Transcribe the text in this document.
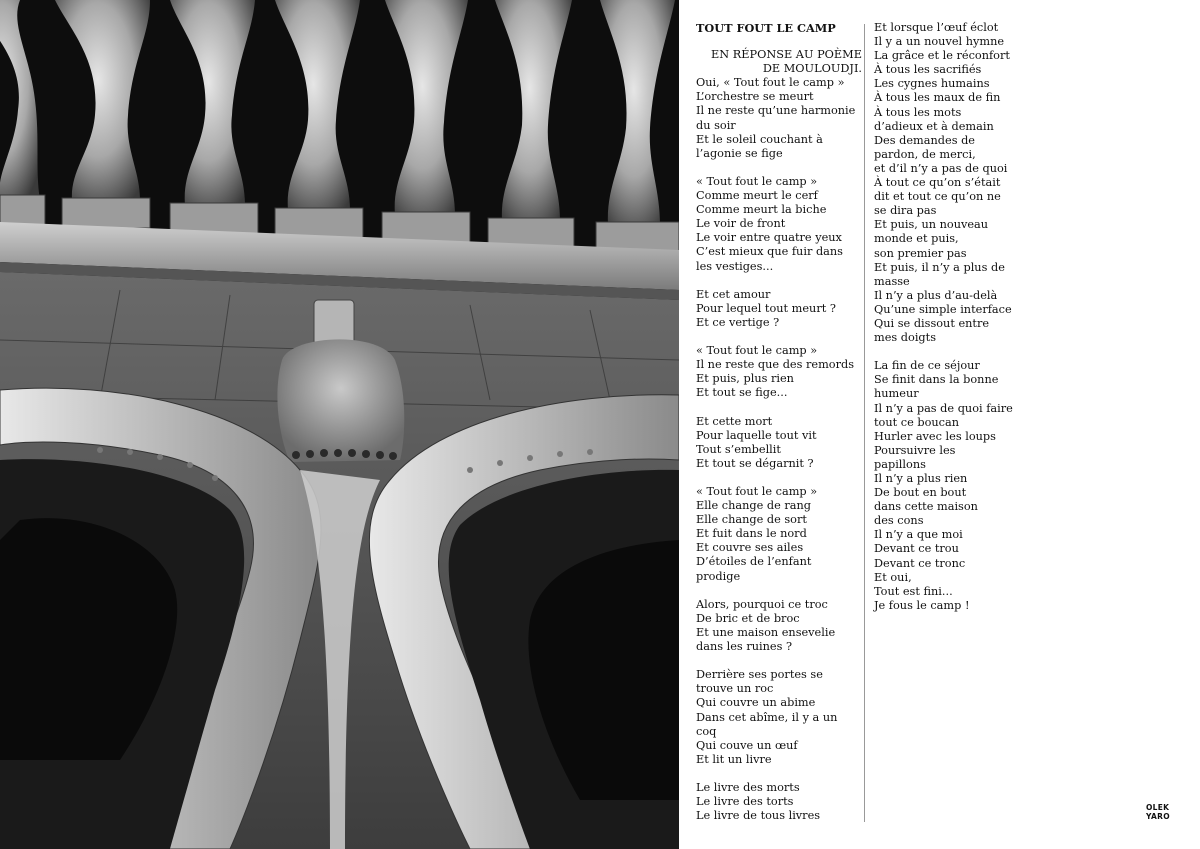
TOUT FOUT LE CAMP
EN RÉPONSE AU POÈME
DE MOULOUDJI.
Oui, « Tout fout le camp »
L’orchestre se meurt
Il ne reste qu’une harmonie
du soir
Et le soleil couchant à
l’agonie se fige
« Tout fout le camp »
Comme meurt le cerf
Comme meurt la biche
Le voir de front
Le voir entre quatre yeux
C’est mieux que fuir dans
les vestiges...
Et cet amour
Pour lequel tout meurt ?
Et ce vertige ?
« Tout fout le camp »
Il ne reste que des remords
Et puis, plus rien
Et tout se fige...
Et cette mort
Pour laquelle tout vit
Tout s’embellit
Et tout se dégarnit ?
« Tout fout le camp »
Elle change de rang
Elle change de sort
Et fuit dans le nord
Et couvre ses ailes
D’étoiles de l’enfant
prodige
Alors, pourquoi ce troc
De bric et de broc
Et une maison ensevelie
dans les ruines ?
Derrière ses portes se
trouve un roc
Qui couvre un abime
Dans cet abîme, il y a un
coq
Qui couve un œuf
Et lit un livre
Le livre des morts
Le livre des torts
Le livre de tous livres
Et lorsque l’œuf éclot
Il y a un nouvel hymne
La grâce et le réconfort
À tous les sacrifiés
Les cygnes humains
À tous les maux de fin
À tous les mots
d’adieux et à demain
Des demandes de
pardon, de merci,
et d’il n’y a pas de quoi
À tout ce qu’on s’était
dit et tout ce qu’on ne
se dira pas
Et puis, un nouveau
monde et puis,
son premier pas
Et puis, il n’y a plus de
masse
Il n’y a plus d’au-delà
Qu’une simple interface
Qui se dissout entre
mes doigts
La fin de ce séjour
Se finit dans la bonne
humeur
Il n’y a pas de quoi faire
tout ce boucan
Hurler avec les loups
Poursuivre les
papillons
Il n’y a plus rien
De bout en bout
dans cette maison
des cons
Il n’y a que moi
Devant ce trou
Devant ce tronc
Et oui,
Tout est fini...
Je fous le camp !
OLEK
YARO
